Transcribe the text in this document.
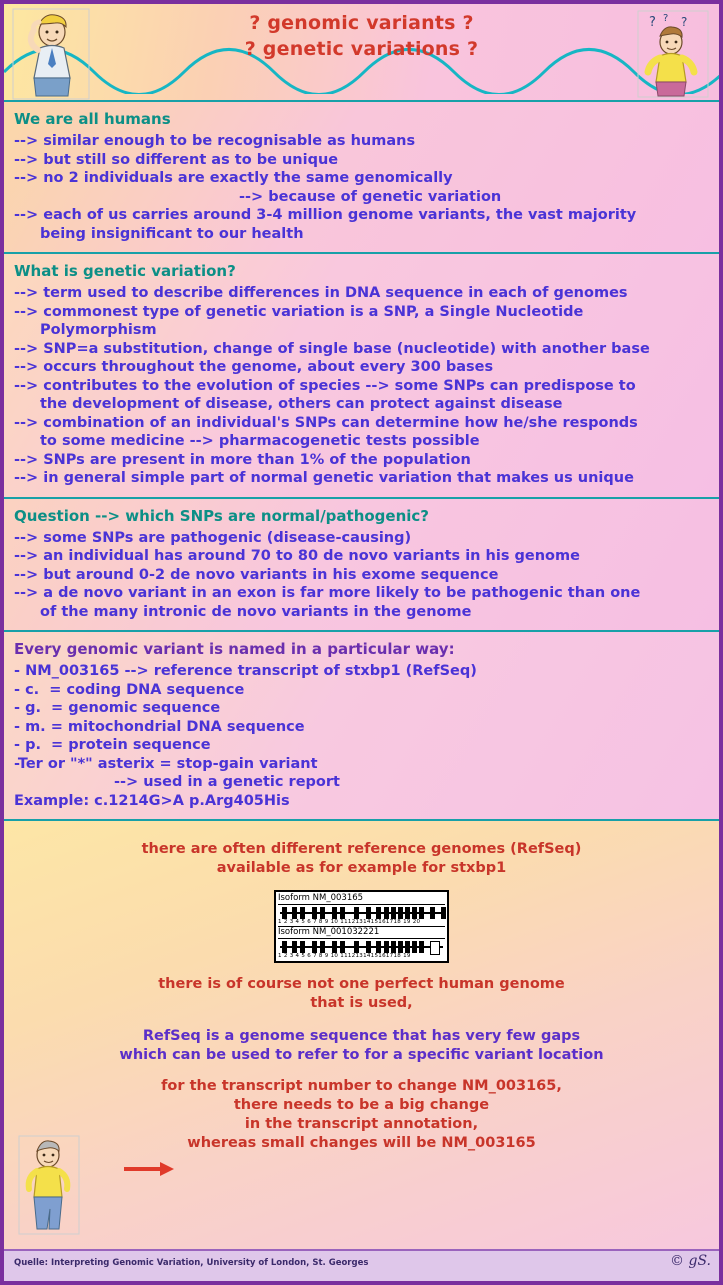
? genomic variants ?
? genetic variations ?
? ? ?
We are all humans
--> similar enough to be recognisable as humans
--> but still so different as to be unique
--> no 2 individuals are exactly the same genomically
--> because of genetic variation
--> each of us carries around 3-4 million genome variants, the vast majority
being insignificant to our health
What is genetic variation?
--> term used to describe differences in DNA sequence in each of genomes
--> commonest type of genetic variation is a SNP, a Single Nucleotide
Polymorphism
--> SNP=a substitution, change of single base (nucleotide) with another base
--> occurs throughout the genome, about every 300 bases
--> contributes to the evolution of species --> some SNPs can predispose to
the development of disease, others can protect against disease
--> combination of an individual's SNPs can determine how he/she responds
to some medicine --> pharmacogenetic tests possible
--> SNPs are present in more than 1% of the population
--> in general simple part of normal genetic variation that makes us unique
Question --> which SNPs are normal/pathogenic?
--> some SNPs are pathogenic (disease-causing)
--> an individual has around 70 to 80 de novo variants in his genome
--> but around 0-2 de novo variants in his exome sequence
--> a de novo variant in an exon is far more likely to be pathogenic than one
of the many intronic de novo variants in the genome
Every genomic variant is named in a particular way:
- NM_003165 --> reference transcript of stxbp1 (RefSeq)
- c.  = coding DNA sequence
- g.  = genomic sequence
- m. = mitochondrial DNA sequence
- p.  = protein sequence
-Ter or "*" asterix = stop-gain variant
--> used in a genetic report
Example: c.1214G>A p.Arg405His
there are often different reference genomes (RefSeq)
available as for example for stxbp1
Isoform NM_003165
1 2 3 4 5 6 7 8 9 10 1112131415161718 19 20
Isoform NM_001032221
1 2 3 4 5 6 7 8 9 10 1112131415161718 19
there is of course not one perfect human genome
that is used,
RefSeq is a genome sequence that has very few gaps
which can be used to refer to for a specific variant location
for the transcript number to change NM_003165,
there needs to be a big change
in the transcript annotation,
whereas small changes will be NM_003165
Quelle: Interpreting Genomic Variation, University of London, St. Georges	© gS.
